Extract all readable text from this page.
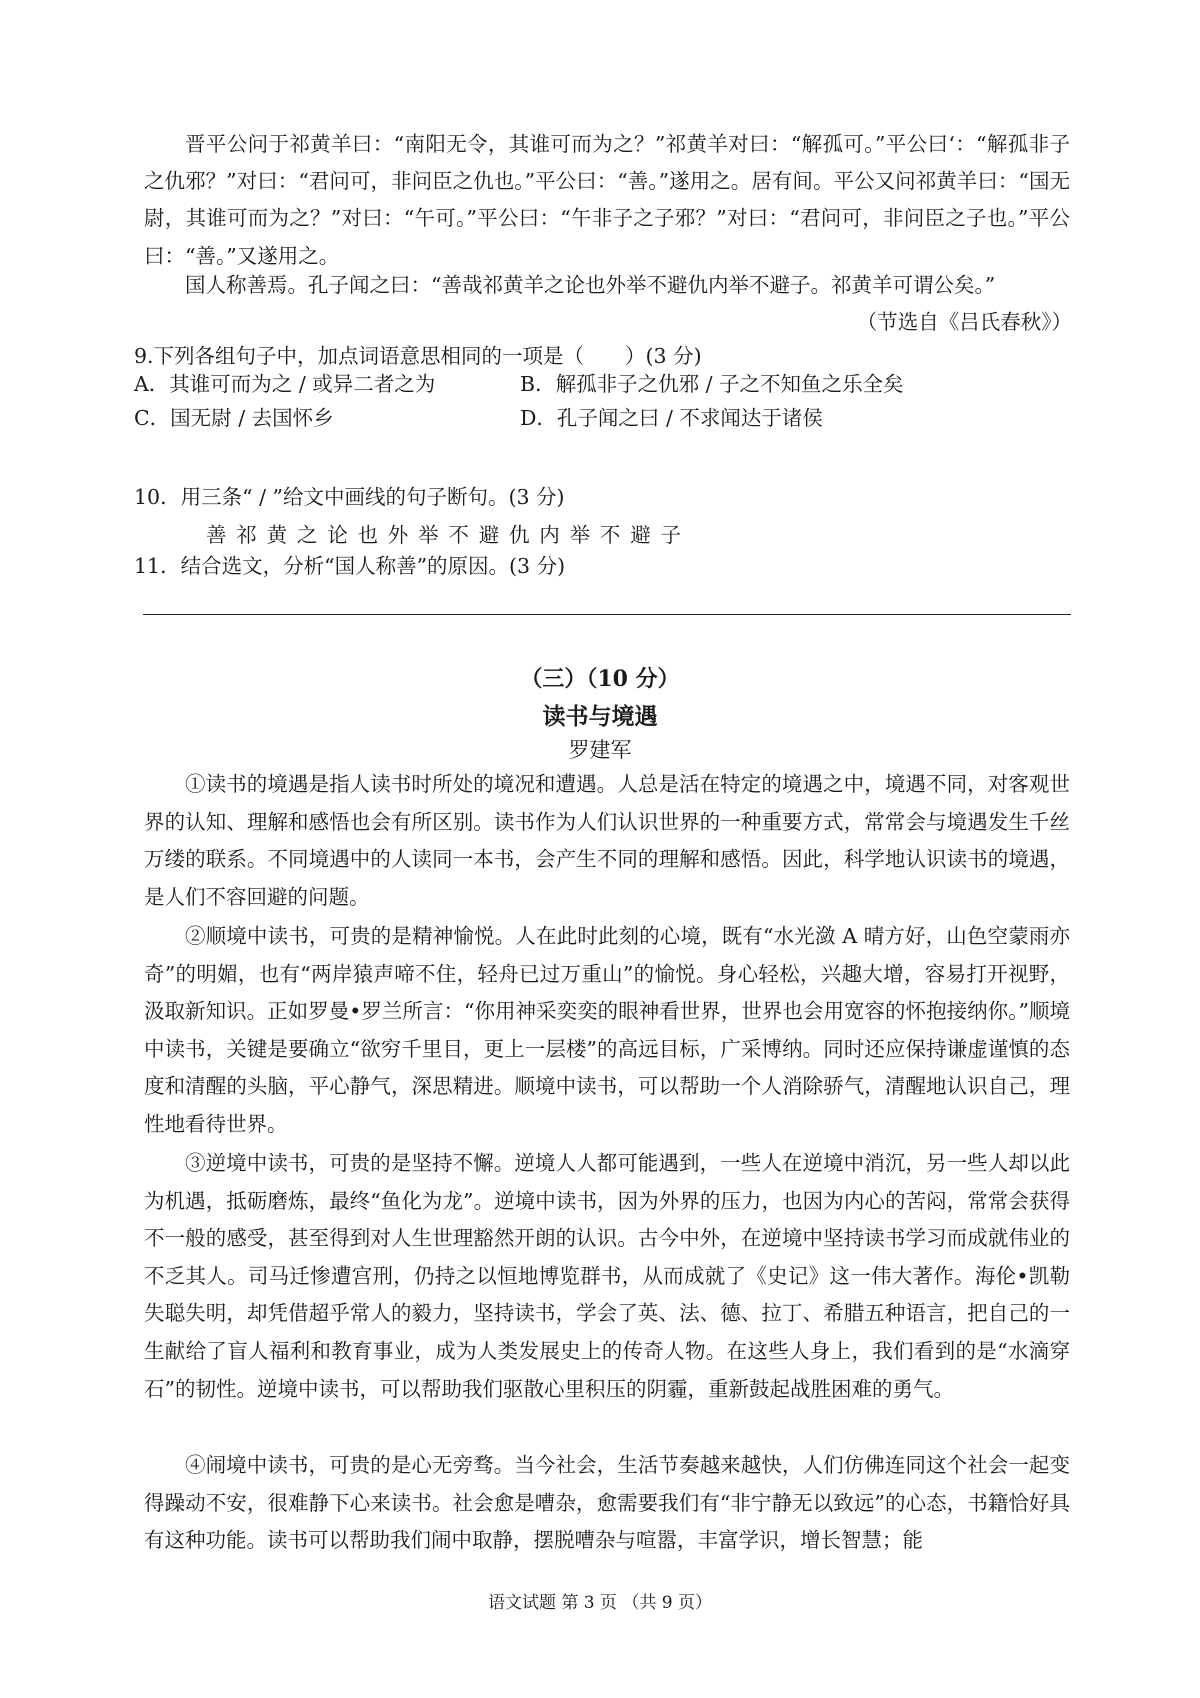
晋平公问于祁黄羊曰：“南阳无令，其谁可而为之？”祁黄羊对曰：“解孤可。”平公曰‘：“解孤非子之仇邪？”对曰：“君问可，非问臣之仇也。”平公曰：“善。”遂用之。居有间。平公又问祁黄羊曰：“国无尉，其谁可而为之？”对曰：“午可。”平公曰：“午非子之子邪？”对曰：“君问可，非问臣之子也。”平公曰：“善。”又遂用之。

国人称善焉。孔子闻之曰：“善哉祁黄羊之论也外举不避仇内举不避子。祁黄羊可谓公矣。”

（节选自《吕氏春秋》）
9.下列各组句子中，加点词语意思相同的一项是（　　）(3 分)
A．其谁可而为之 / 或异二者之为	B．解孤非子之仇邪 / 子之不知鱼之乐全矣
C．国无尉 / 去国怀乡	D．孔子闻之曰 / 不求闻达于诸侯
10．用三条“ / ”给文中画线的句子断句。(3 分)
善祁黄之论也外举不避仇内举不避子
11．结合选文，分析“国人称善”的原因。(3 分)
（三）（10 分）
读书与境遇
罗建军

①读书的境遇是指人读书时所处的境况和遭遇。人总是活在特定的境遇之中，境遇不同，对客观世界的认知、理解和感悟也会有所区别。读书作为人们认识世界的一种重要方式，常常会与境遇发生千丝万缕的联系。不同境遇中的人读同一本书，会产生不同的理解和感悟。因此，科学地认识读书的境遇，是人们不容回避的问题。

②顺境中读书，可贵的是精神愉悦。人在此时此刻的心境，既有“水光潋 A 晴方好，山色空蒙雨亦奇”的明媚，也有“两岸猿声啼不住，轻舟已过万重山”的愉悦。身心轻松，兴趣大增，容易打开视野，汲取新知识。正如罗曼•罗兰所言：“你用神采奕奕的眼神看世界，世界也会用宽容的怀抱接纳你。”顺境中读书，关键是要确立“欲穷千里目，更上一层楼”的高远目标，广采博纳。同时还应保持谦虚谨慎的态度和清醒的头脑，平心静气，深思精进。顺境中读书，可以帮助一个人消除骄气，清醒地认识自己，理性地看待世界。

③逆境中读书，可贵的是坚持不懈。逆境人人都可能遇到，一些人在逆境中消沉，另一些人却以此为机遇，抵砺磨炼，最终“鱼化为龙”。逆境中读书，因为外界的压力，也因为内心的苦闷，常常会获得不一般的感受，甚至得到对人生世理豁然开朗的认识。古今中外，在逆境中坚持读书学习而成就伟业的不乏其人。司马迁惨遭宫刑，仍持之以恒地博览群书，从而成就了《史记》这一伟大著作。海伦•凯勒失聪失明，却凭借超乎常人的毅力，坚持读书，学会了英、法、德、拉丁、希腊五种语言，把自己的一生献给了盲人福利和教育事业，成为人类发展史上的传奇人物。在这些人身上，我们看到的是“水滴穿石”的韧性。逆境中读书，可以帮助我们驱散心里积压的阴霾，重新鼓起战胜困难的勇气。

④闹境中读书，可贵的是心无旁骛。当今社会，生活节奏越来越快，人们仿佛连同这个社会一起变得躁动不安，很难静下心来读书。社会愈是嘈杂，愈需要我们有“非宁静无以致远”的心态，书籍恰好具有这种功能。读书可以帮助我们闹中取静，摆脱嘈杂与喧嚣，丰富学识，增长智慧；能

语文试题 第 3 页 （共 9 页）
